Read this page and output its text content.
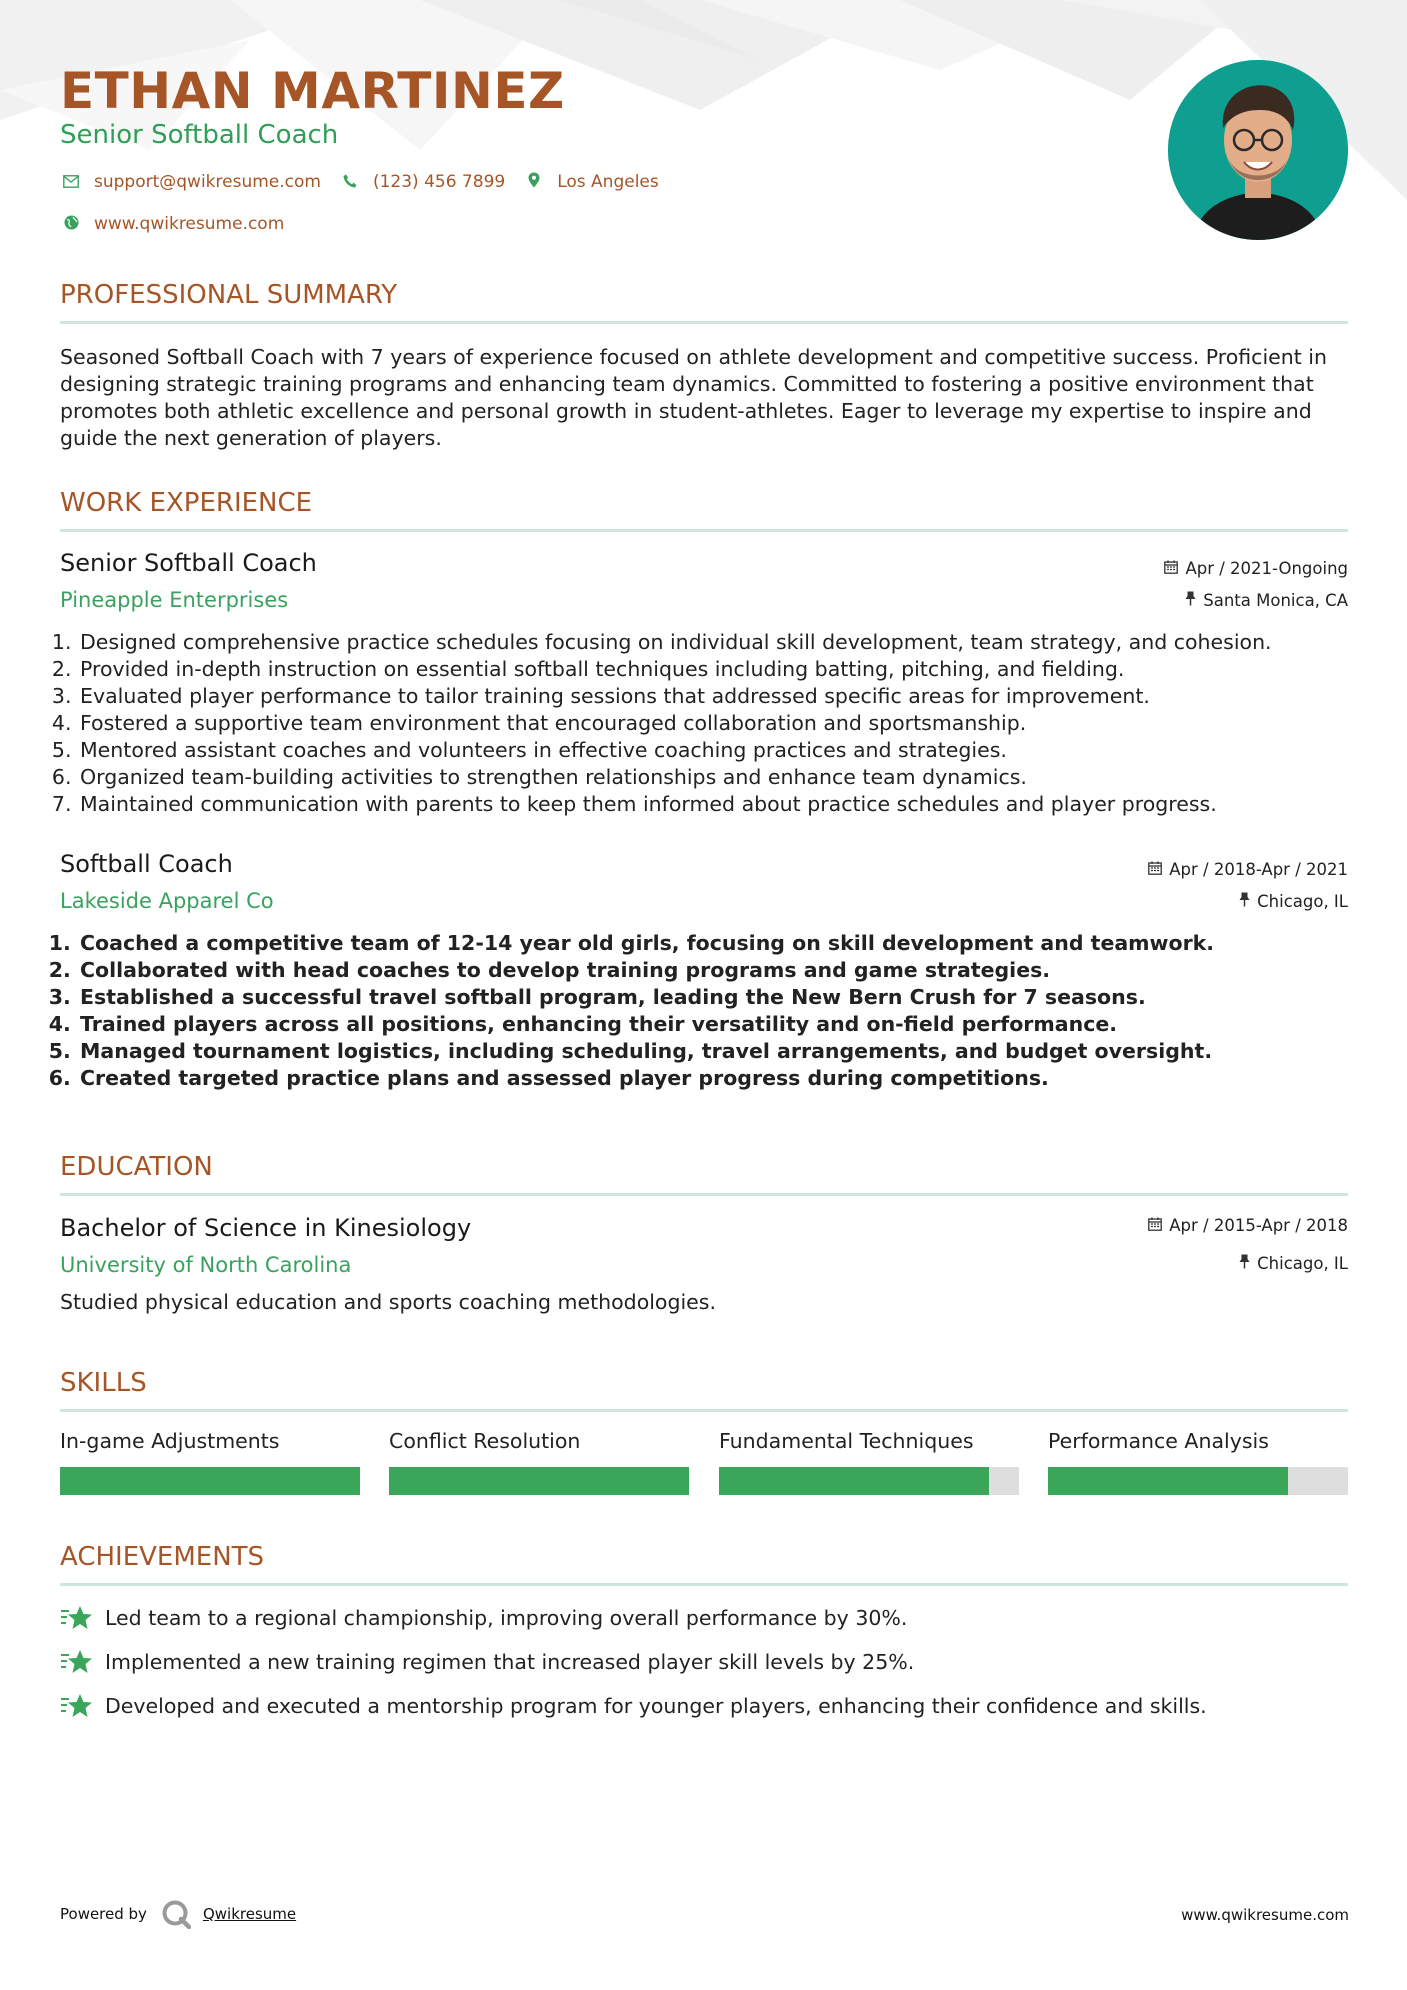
ETHAN MARTINEZ
Senior Softball Coach
support@qwikresume.com	(123) 456 7899	Los Angeles
www.qwikresume.com
PROFESSIONAL SUMMARY
Seasoned Softball Coach with 7 years of experience focused on athlete development and competitive success. Proficient in designing strategic training programs and enhancing team dynamics. Committed to fostering a positive environment that promotes both athletic excellence and personal growth in student-athletes. Eager to leverage my expertise to inspire and guide the next generation of players.
WORK EXPERIENCE
Senior Softball Coach	Apr / 2021-Ongoing
Pineapple Enterprises	Santa Monica, CA
1. Designed comprehensive practice schedules focusing on individual skill development, team strategy, and cohesion.
2. Provided in-depth instruction on essential softball techniques including batting, pitching, and fielding.
3. Evaluated player performance to tailor training sessions that addressed specific areas for improvement.
4. Fostered a supportive team environment that encouraged collaboration and sportsmanship.
5. Mentored assistant coaches and volunteers in effective coaching practices and strategies.
6. Organized team-building activities to strengthen relationships and enhance team dynamics.
7. Maintained communication with parents to keep them informed about practice schedules and player progress.
Softball Coach	Apr / 2018-Apr / 2021
Lakeside Apparel Co	Chicago, IL
1. Coached a competitive team of 12-14 year old girls, focusing on skill development and teamwork.
2. Collaborated with head coaches to develop training programs and game strategies.
3. Established a successful travel softball program, leading the New Bern Crush for 7 seasons.
4. Trained players across all positions, enhancing their versatility and on-field performance.
5. Managed tournament logistics, including scheduling, travel arrangements, and budget oversight.
6. Created targeted practice plans and assessed player progress during competitions.
EDUCATION
Bachelor of Science in Kinesiology	Apr / 2015-Apr / 2018
University of North Carolina	Chicago, IL
Studied physical education and sports coaching methodologies.
SKILLS
In-game Adjustments	Conflict Resolution	Fundamental Techniques	Performance Analysis
ACHIEVEMENTS
Led team to a regional championship, improving overall performance by 30%.
Implemented a new training regimen that increased player skill levels by 25%.
Developed and executed a mentorship program for younger players, enhancing their confidence and skills.
Powered by	Qwikresume	www.qwikresume.com
